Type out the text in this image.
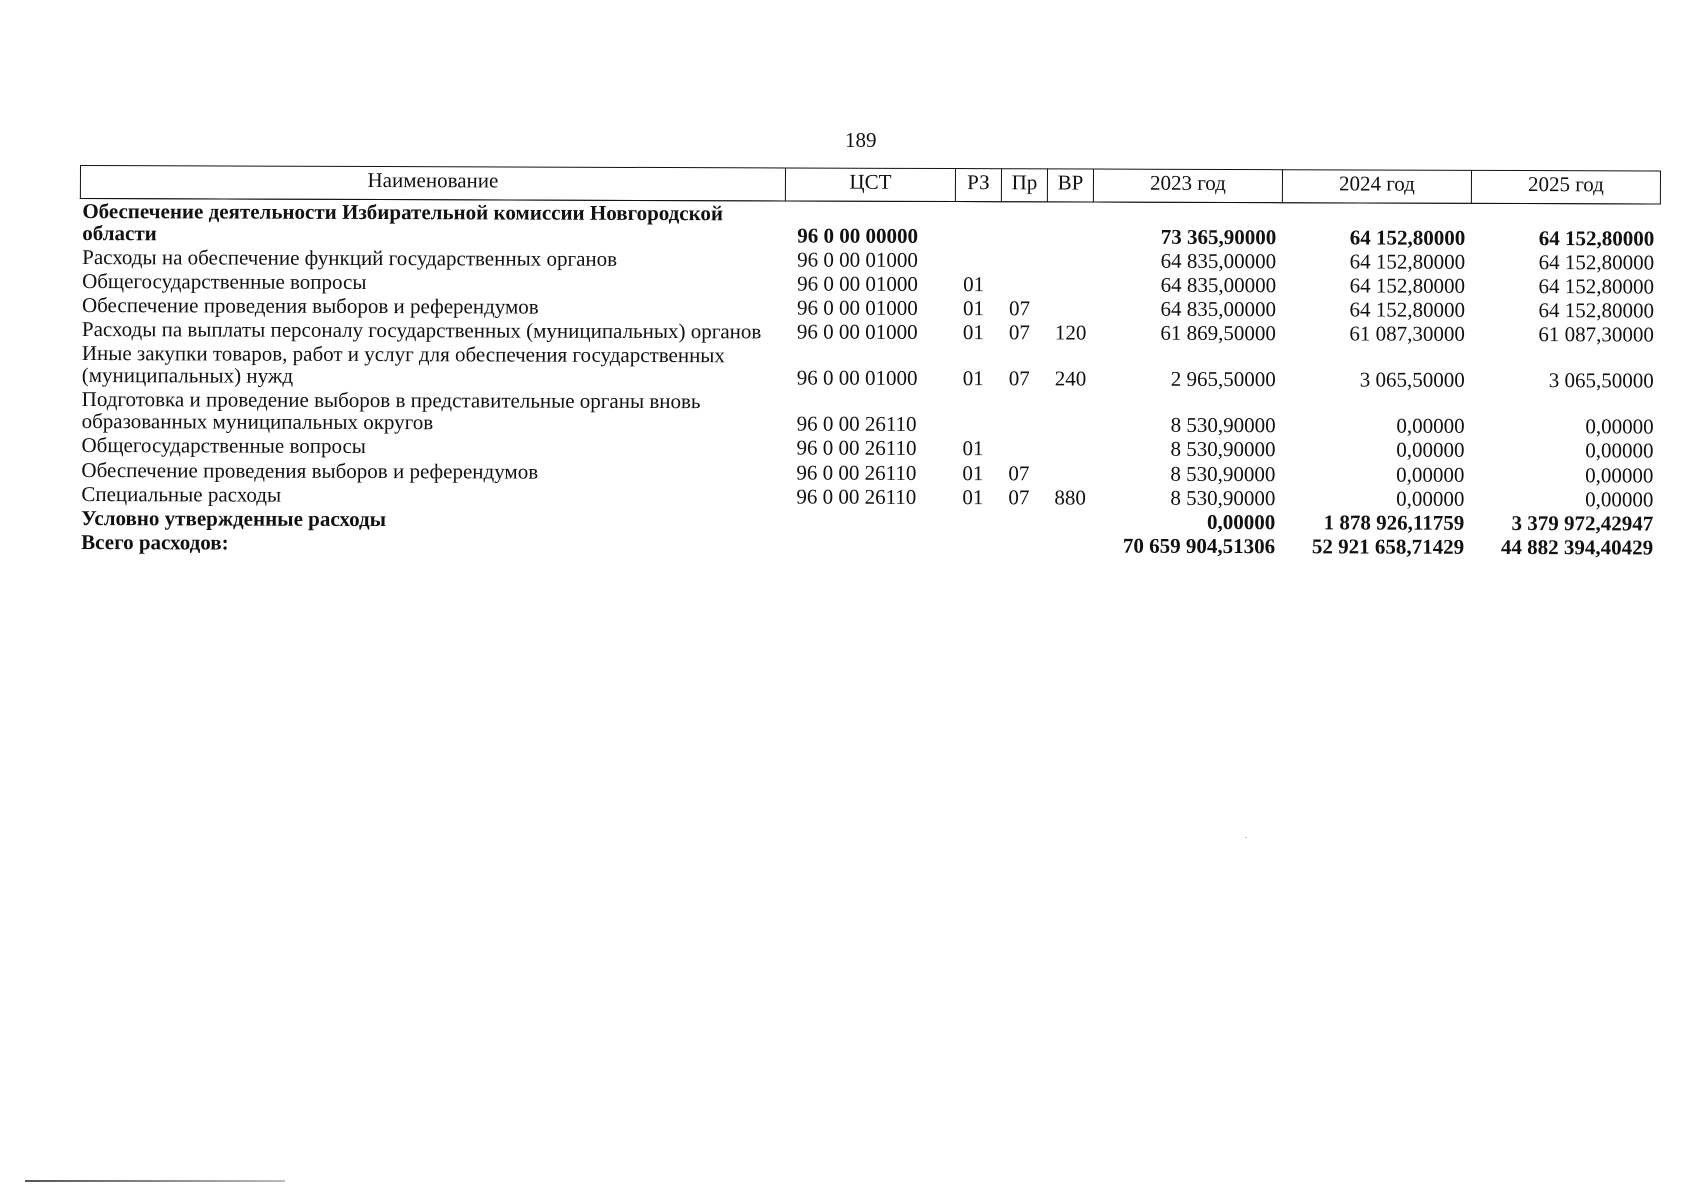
189
Наименование	ЦСТ	РЗ	Пр	ВР	2023 год	2024 год	2025 год
Обеспечение деятельности Избирательной комиссии Новгородской области	96 0 00 00000				73 365,90000	64 152,80000	64 152,80000
Расходы на обеспечение функций государственных органов	96 0 00 01000				64 835,00000	64 152,80000	64 152,80000
Общегосударственные вопросы	96 0 00 01000	01			64 835,00000	64 152,80000	64 152,80000
Обеспечение проведения выборов и референдумов	96 0 00 01000	01	07		64 835,00000	64 152,80000	64 152,80000
Расходы па выплаты персоналу государственных (муниципальных) органов	96 0 00 01000	01	07	120	61 869,50000	61 087,30000	61 087,30000
Иные закупки товаров, работ и услуг для обеспечения государственных (муниципальных) нужд	96 0 00 01000	01	07	240	2 965,50000	3 065,50000	3 065,50000
Подготовка и проведение выборов в представительные органы вновь образованных муниципальных округов	96 0 00 26110				8 530,90000	0,00000	0,00000
Общегосударственные вопросы	96 0 00 26110	01			8 530,90000	0,00000	0,00000
Обеспечение проведения выборов и референдумов	96 0 00 26110	01	07		8 530,90000	0,00000	0,00000
Специальные расходы	96 0 00 26110	01	07	880	8 530,90000	0,00000	0,00000
Условно утвержденные расходы					0,00000	1 878 926,11759	3 379 972,42947
Всего расходов:					70 659 904,51306	52 921 658,71429	44 882 394,40429
